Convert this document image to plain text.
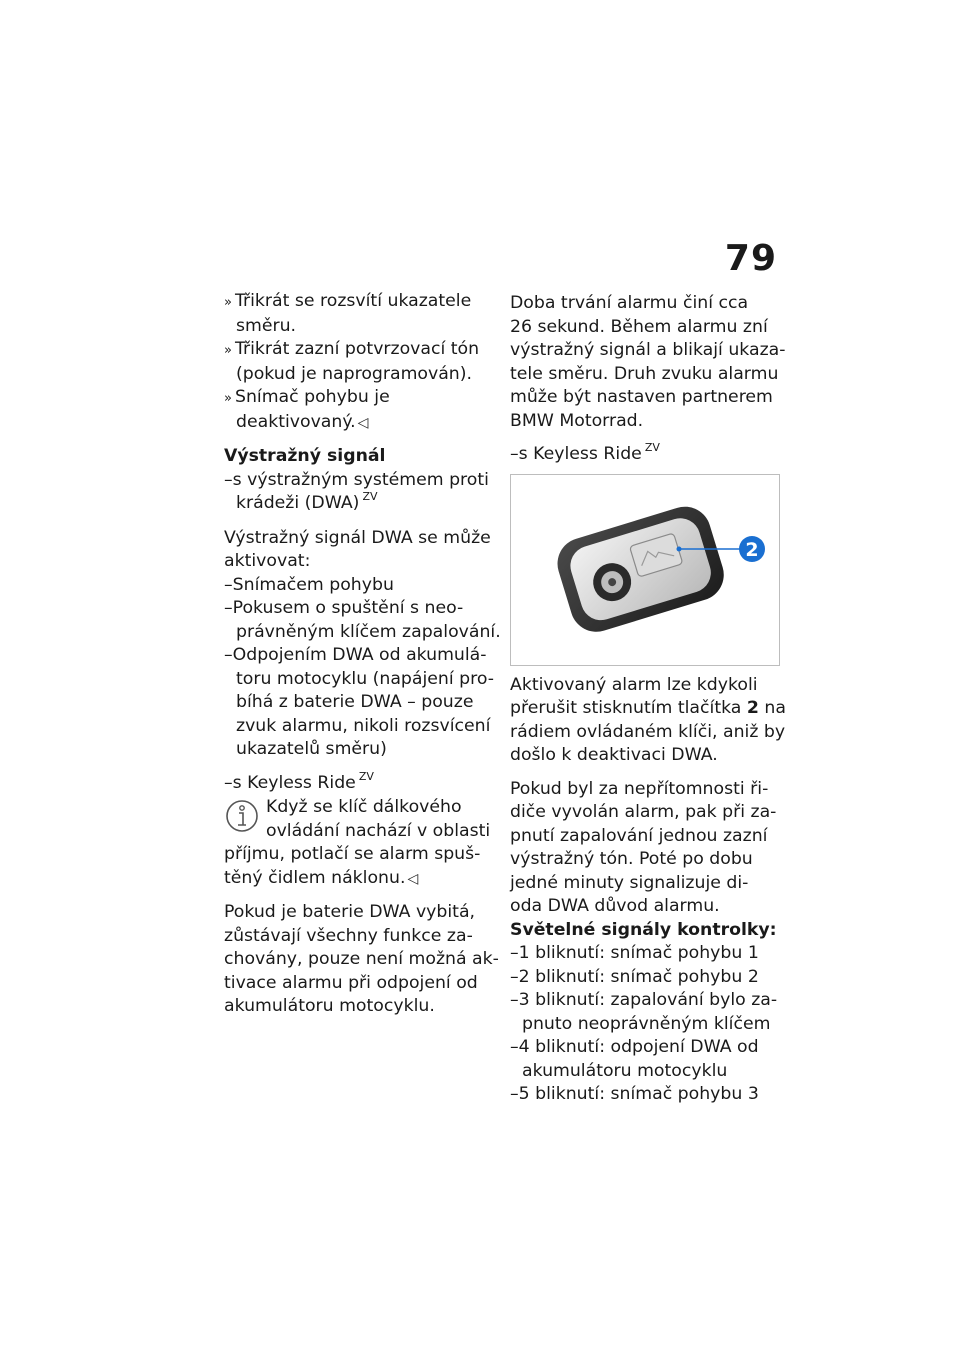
79
» Třikrát se rozsvítí ukazatele
směru.
» Třikrát zazní potvrzovací tón
(pokud je naprogramován).
» Snímač pohybu je
deaktivovaný. ◁
Výstražný signál
–s výstražným systémem proti
krádeži (DWA) $^{ZV}$
Výstražný signál DWA se může
aktivovat:
–Snímačem pohybu
–Pokusem o spuštění s neo-
právněným klíčem zapalování.
–Odpojením DWA od akumulá-
toru motocyklu (napájení pro-
bíhá z baterie DWA – pouze
zvuk alarmu, nikoli rozsvícení
ukazatelů směru)
–s Keyless Ride $^{ZV}$
Když se klíč dálkového
ovládání nachází v oblasti
příjmu, potlačí se alarm spuš-
těný čidlem náklonu. ◁
Pokud je baterie DWA vybitá,
zůstávají všechny funkce za-
chovány, pouze není možná ak-
tivace alarmu při odpojení od
akumulátoru motocyklu.
Doba trvání alarmu činí cca
26 sekund. Během alarmu zní
výstražný signál a blikají ukaza-
tele směru. Druh zvuku alarmu
může být nastaven partnerem
BMW Motorrad.
–s Keyless Ride $^{ZV}$
2
Aktivovaný alarm lze kdykoli
přerušit stisknutím tlačítka 2 na
rádiem ovládaném klíči, aniž by
došlo k deaktivaci DWA.
Pokud byl za nepřítomnosti ři-
diče vyvolán alarm, pak při za-
pnutí zapalování jednou zazní
výstražný tón. Poté po dobu
jedné minuty signalizuje di-
oda DWA důvod alarmu.
Světelné signály kontrolky:
–1 bliknutí: snímač pohybu 1
–2 bliknutí: snímač pohybu 2
–3 bliknutí: zapalování bylo za-
pnuto neoprávněným klíčem
–4 bliknutí: odpojení DWA od
akumulátoru motocyklu
–5 bliknutí: snímač pohybu 3
